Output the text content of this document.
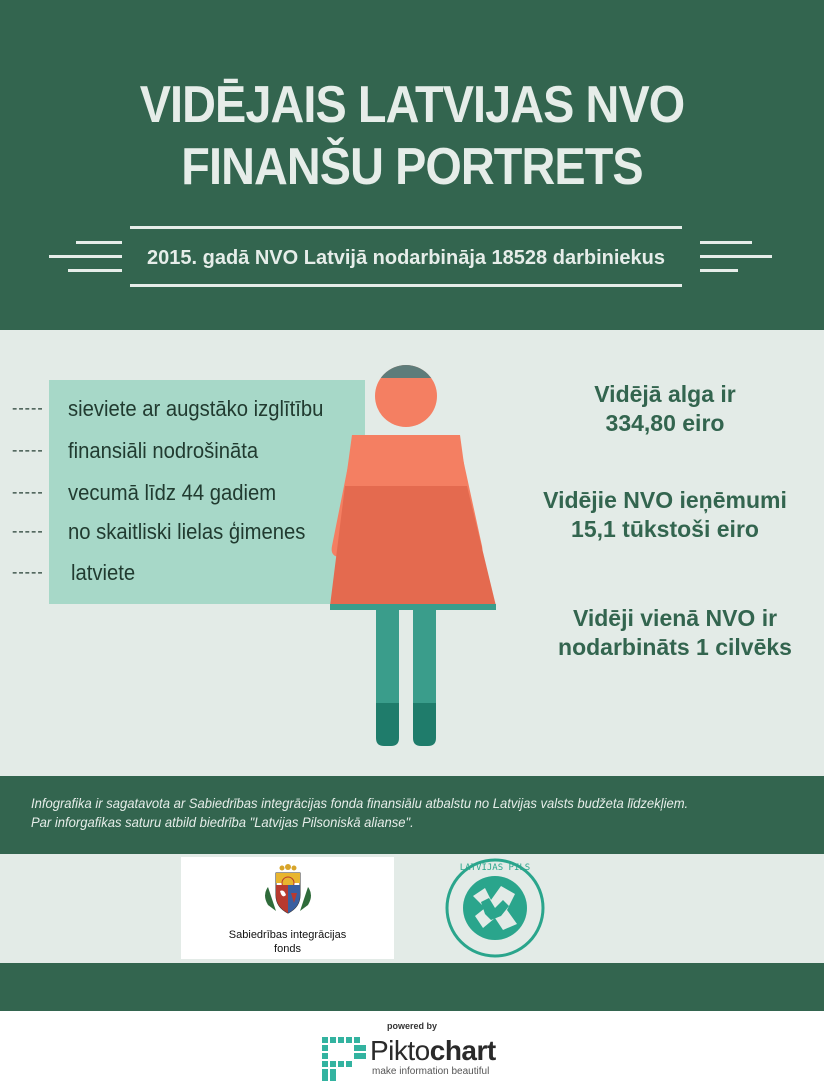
VIDĒJAIS LATVIJAS NVO
FINANŠU PORTRETS
2015. gadā NVO Latvijā nodarbināja 18528 darbiniekus
----- sieviete ar augstāko izglītību
----- finansiāli nodrošināta
----- vecumā līdz 44 gadiem
----- no skaitliski lielas ģimenes
----- latviete
Vidējā alga ir
334,80 eiro
Vidējie NVO ieņēmumi
15,1 tūkstoši eiro
Vidēji vienā NVO ir
nodarbināts 1 cilvēks
Infografika ir sagatavota ar Sabiedrības integrācijas fonda finansiālu atbalstu no Latvijas valsts budžeta līdzekļiem.
Par inforgafikas saturu atbild biedrība "Latvijas Pilsoniskā alianse".
Sabiedrības integrācijas
fonds
LATVIJAS PILS
powered by
Piktochart
make information beautiful
